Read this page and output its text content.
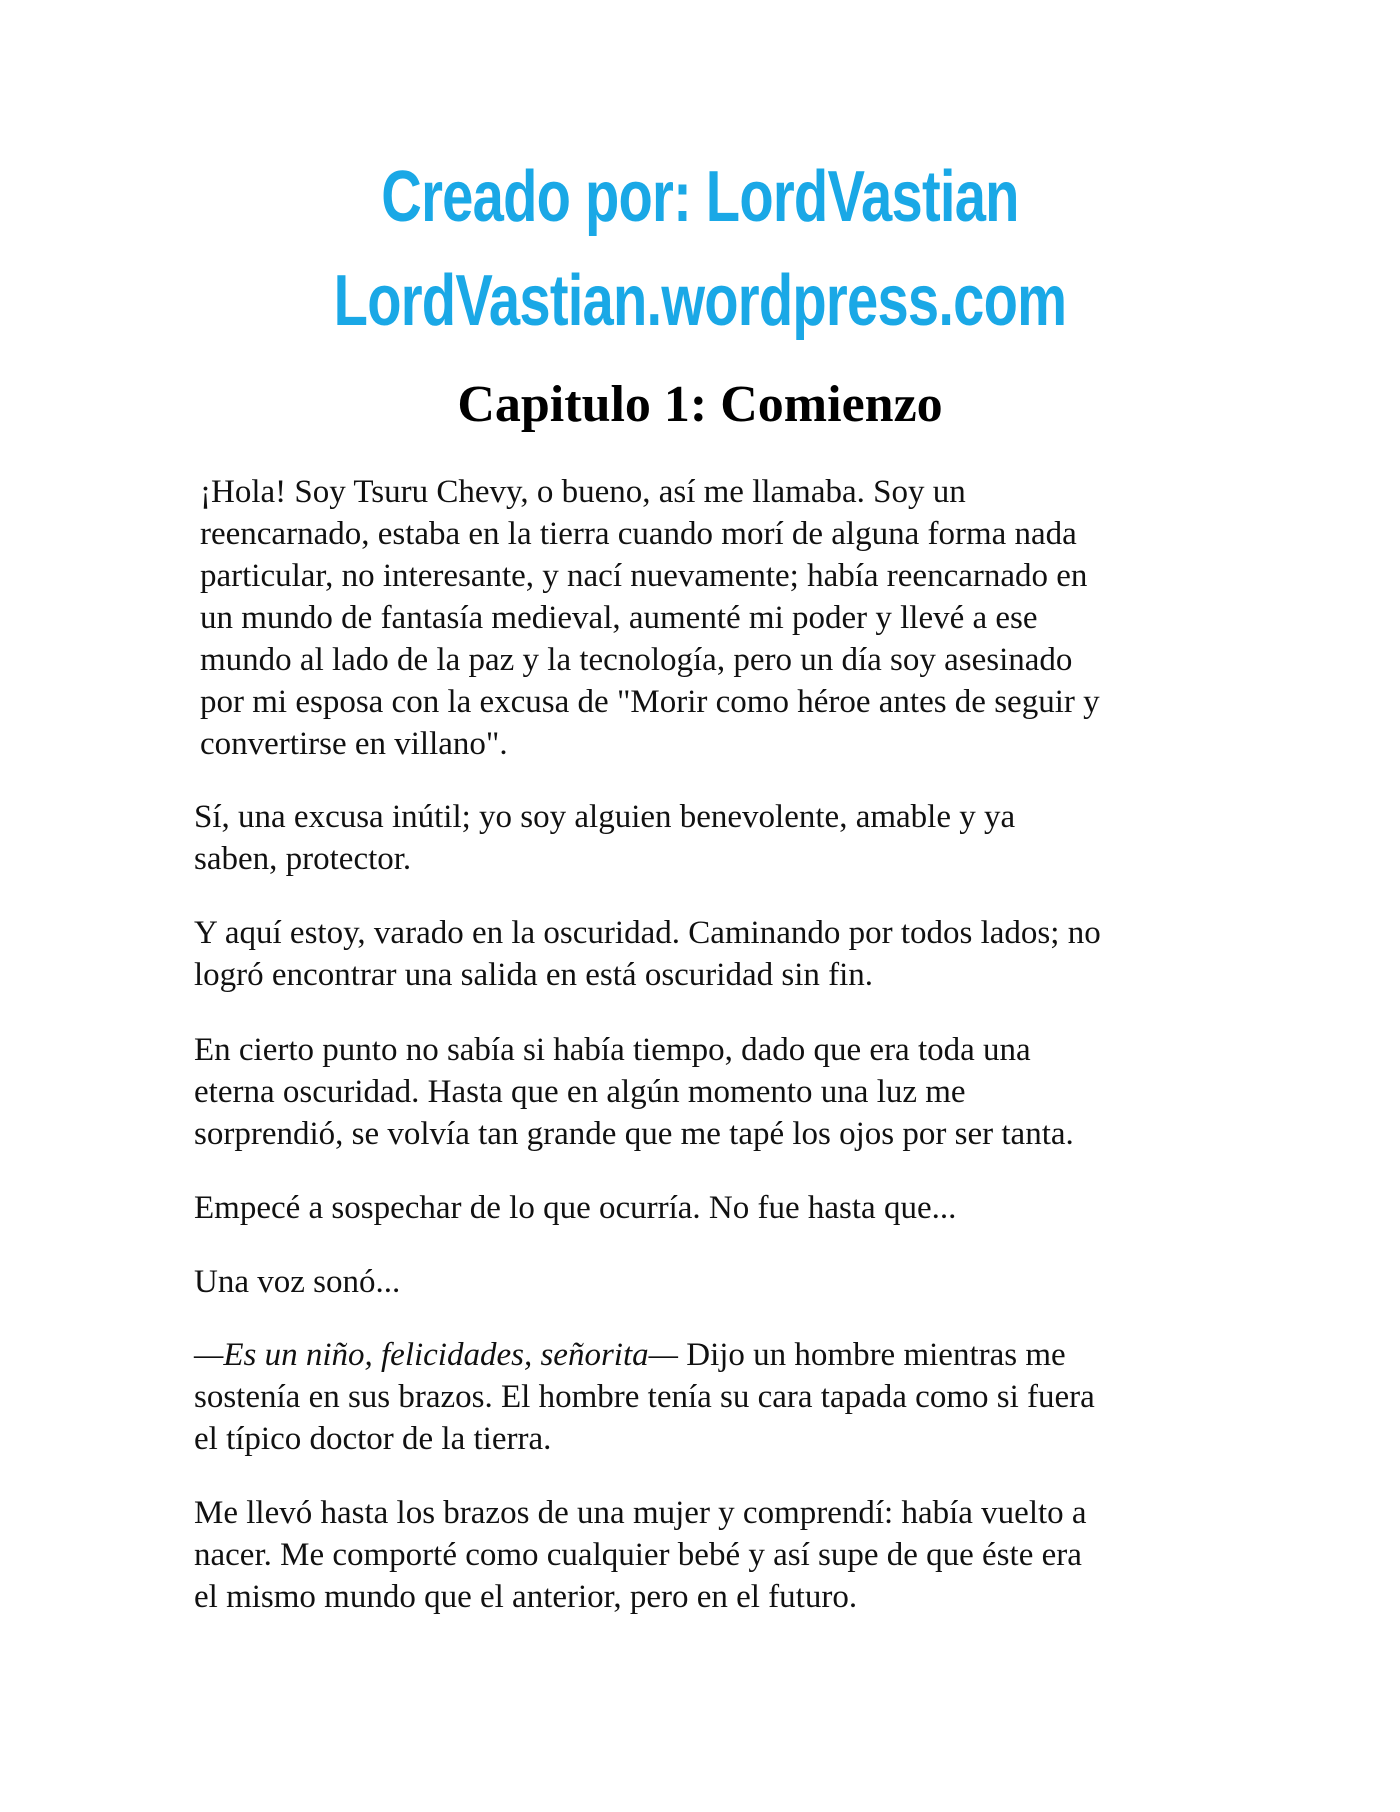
Creado por: LordVastian
LordVastian.wordpress.com
Capitulo 1: Comienzo
¡Hola! Soy Tsuru Chevy, o bueno, así me llamaba. Soy un
reencarnado, estaba en la tierra cuando morí de alguna forma nada
particular, no interesante, y nací nuevamente; había reencarnado en
un mundo de fantasía medieval, aumenté mi poder y llevé a ese
mundo al lado de la paz y la tecnología, pero un día soy asesinado
por mi esposa con la excusa de "Morir como héroe antes de seguir y
convertirse en villano".
Sí, una excusa inútil; yo soy alguien benevolente, amable y ya
saben, protector.
Y aquí estoy, varado en la oscuridad. Caminando por todos lados; no
logró encontrar una salida en está oscuridad sin fin.
En cierto punto no sabía si había tiempo, dado que era toda una
eterna oscuridad. Hasta que en algún momento una luz me
sorprendió, se volvía tan grande que me tapé los ojos por ser tanta.
Empecé a sospechar de lo que ocurría. No fue hasta que...
Una voz sonó...
—Es un niño, felicidades, señorita— Dijo un hombre mientras me
sostenía en sus brazos. El hombre tenía su cara tapada como si fuera
el típico doctor de la tierra.
Me llevó hasta los brazos de una mujer y comprendí: había vuelto a
nacer. Me comporté como cualquier bebé y así supe de que éste era
el mismo mundo que el anterior, pero en el futuro.
